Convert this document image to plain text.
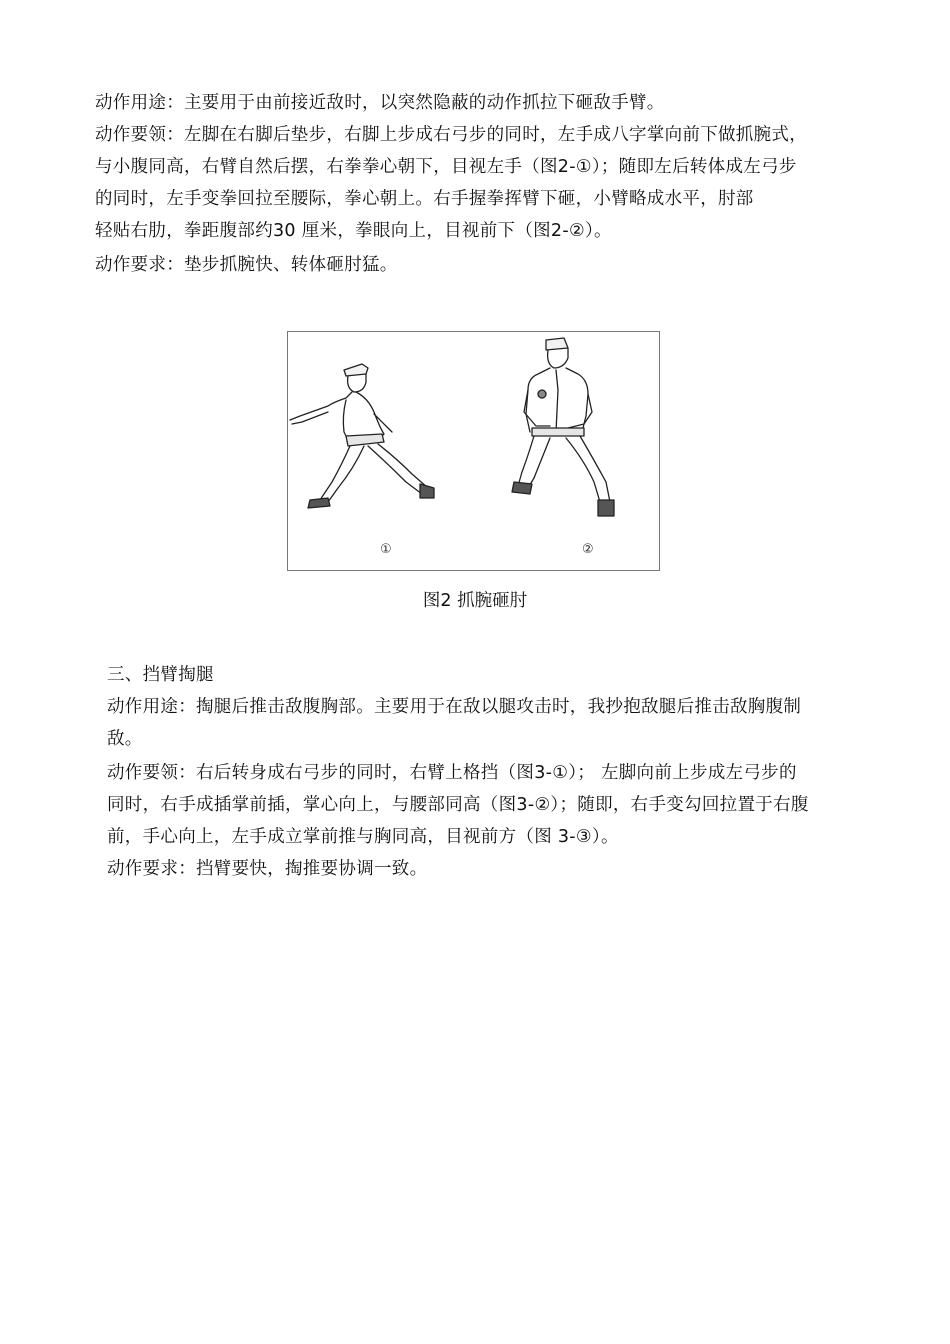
动作用途：主要用于由前接近敌时，以突然隐蔽的动作抓拉下砸敌手臂。
动作要领：左脚在右脚后垫步，右脚上步成右弓步的同时，左手成八字掌向前下做抓腕式，
与小腹同高，右臂自然后摆，右拳拳心朝下，目视左手（图2-①）；随即左后转体成左弓步
的同时，左手变拳回拉至腰际，拳心朝上。右手握拳挥臂下砸，小臂略成水平，肘部
轻贴右肋，拳距腹部约30 厘米，拳眼向上，目视前下（图2-②）。
动作要求：垫步抓腕快、转体砸肘猛。
①	②
图2 抓腕砸肘
三、挡臂掏腿
动作用途：掏腿后推击敌腹胸部。主要用于在敌以腿攻击时，我抄抱敌腿后推击敌胸腹制
敌。
动作要领：右后转身成右弓步的同时，右臂上格挡（图3-①）； 左脚向前上步成左弓步的
同时，右手成插掌前插，掌心向上，与腰部同高（图3-②）；随即，右手变勾回拉置于右腹
前，手心向上，左手成立掌前推与胸同高，目视前方（图 3-③）。
动作要求：挡臂要快，掏推要协调一致。
